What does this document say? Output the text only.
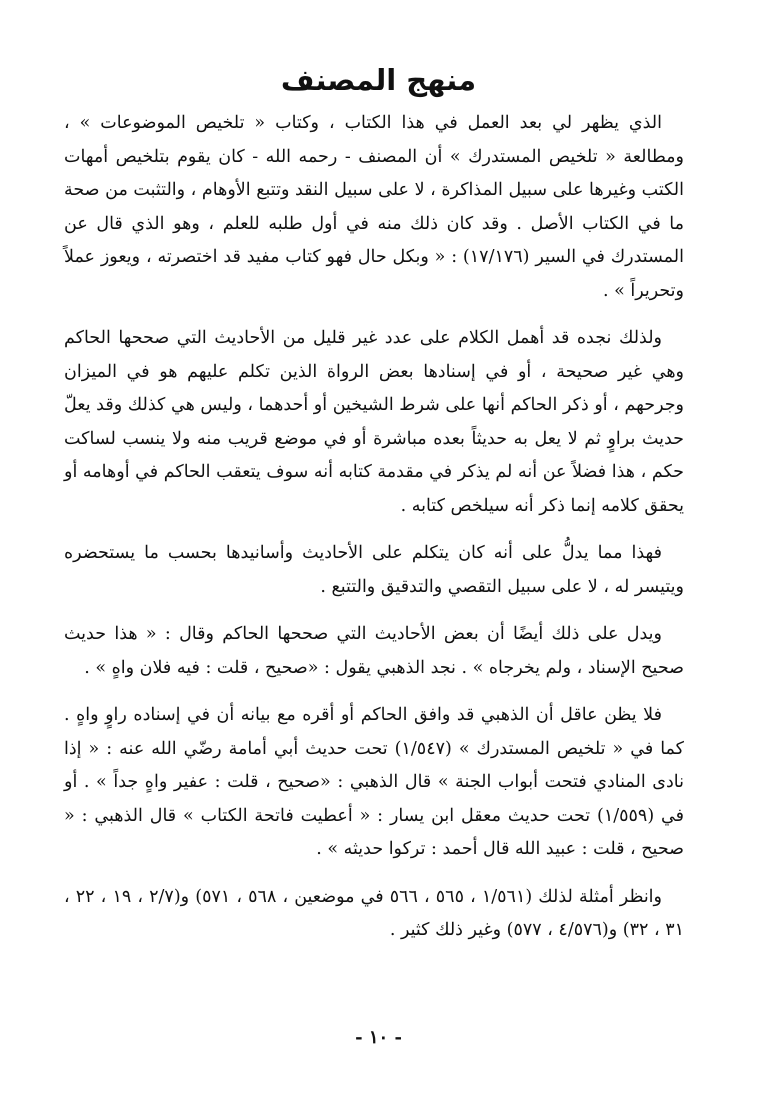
منهج المصنف

الذي يظهر لي بعد العمل في هذا الكتاب ، وكتاب « تلخيص الموضوعات » ، ومطالعة « تلخيص المستدرك » أن المصنف - رحمه الله - كان يقوم بتلخيص أمهات الكتب وغيرها على سبيل المذاكرة ، لا على سبيل النقد وتتبع الأوهام ، والتثبت من صحة ما في الكتاب الأصل . وقد كان ذلك منه في أول طلبه للعلم ، وهو الذي قال عن المستدرك في السير (١٧/١٧٦) : « وبكل حال فهو كتاب مفيد قد اختصرته ، ويعوز عملاً وتحريراً » .

ولذلك نجده قد أهمل الكلام على عدد غير قليل من الأحاديث التي صححها الحاكم وهي غير صحيحة ، أو في إسنادها بعض الرواة الذين تكلم عليهم هو في الميزان وجرحهم ، أو ذكر الحاكم أنها على شرط الشيخين أو أحدهما ، وليس هي كذلك وقد يعلّ حديث براوٍ ثم لا يعل به حديثاً بعده مباشرة أو في موضع قريب منه ولا ينسب لساكت حكم ، هذا فضلاً عن أنه لم يذكر في مقدمة كتابه أنه سوف يتعقب الحاكم في أوهامه أو يحقق كلامه إنما ذكر أنه سيلخص كتابه .

فهذا مما يدلُّ على أنه كان يتكلم على الأحاديث وأسانيدها بحسب ما يستحضره ويتيسر له ، لا على سبيل التقصي والتدقيق والتتبع .

ويدل على ذلك أيضًا أن بعض الأحاديث التي صححها الحاكم وقال : « هذا حديث صحيح الإسناد ، ولم يخرجاه » . نجد الذهبي يقول : «صحيح ، قلت : فيه فلان واهٍ » .

فلا يظن عاقل أن الذهبي قد وافق الحاكم أو أقره مع بيانه أن في إسناده راوٍ واهٍ . كما في « تلخيص المستدرك » (١/٥٤٧) تحت حديث أبي أمامة رضّي الله عنه : « إذا نادى المنادي فتحت أبواب الجنة » قال الذهبي : «صحيح ، قلت : عفير واهٍ جداً » . أو في (١/٥٥٩) تحت حديث معقل ابن يسار : « أعطيت فاتحة الكتاب » قال الذهبي : « صحيح ، قلت : عبيد الله قال أحمد : تركوا حديثه » .

وانظر أمثلة لذلك (١/٥٦١ ، ٥٦٥ ، ٥٦٦ في موضعين ، ٥٦٨ ، ٥٧١) و(٢/٧ ، ١٩ ، ٢٢ ، ٣١ ، ٣٢) و(٤/٥٧٦ ، ٥٧٧) وغير ذلك كثير .

- ١٠ -
